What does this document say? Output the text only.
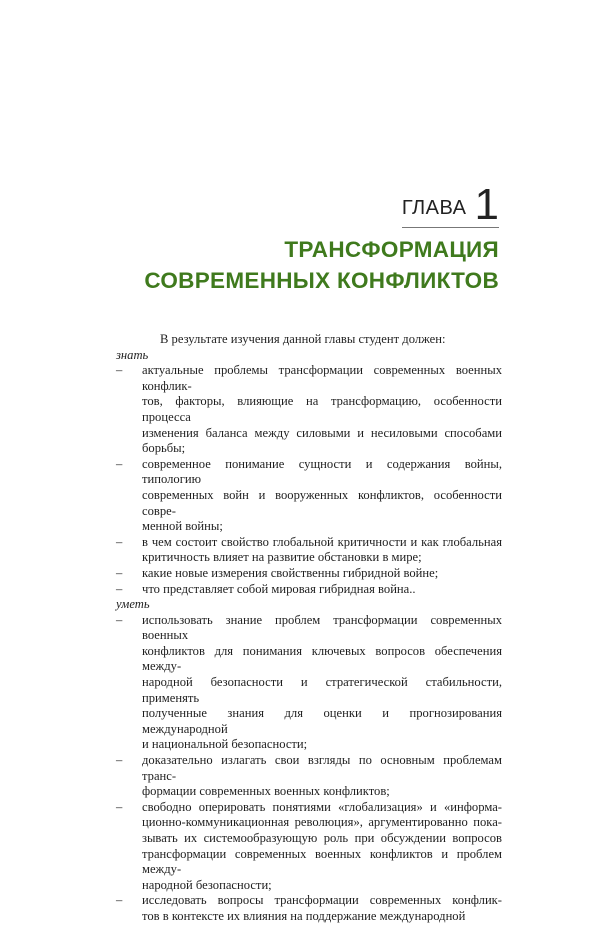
ГЛАВА 1
ТРАНСФОРМАЦИЯ
СОВРЕМЕННЫХ КОНФЛИКТОВ
В результате изучения данной главы студент должен:
знать
–	актуальные проблемы трансформации современных военных конфлик-
тов, факторы, влияющие на трансформацию, особенности процесса
изменения баланса между силовыми и несиловыми способами борьбы;
–	современное понимание сущности и содержания войны, типологию
современных войн и вооруженных конфликтов, особенности совре-
менной войны;
–	в чем состоит свойство глобальной критичности и как глобальная
критичность влияет на развитие обстановки в мире;
–	какие новые измерения свойственны гибридной войне;
–	что представляет собой мировая гибридная война..
уметь
–	использовать знание проблем трансформации современных военных
конфликтов для понимания ключевых вопросов обеспечения между-
народной безопасности и стратегической стабильности, применять
полученные знания для оценки и прогнозирования международной
и национальной безопасности;
–	доказательно излагать свои взгляды по основным проблемам транс-
формации современных военных конфликтов;
–	свободно оперировать понятиями «глобализация» и «информа-
ционно-коммуникационная революция», аргументированно пока-
зывать их системообразующую роль при обсуждении вопросов
трансформации современных военных конфликтов и проблем между-
народной безопасности;
–	исследовать вопросы трансформации современных конфлик-
тов в контексте их влияния на поддержание международной
